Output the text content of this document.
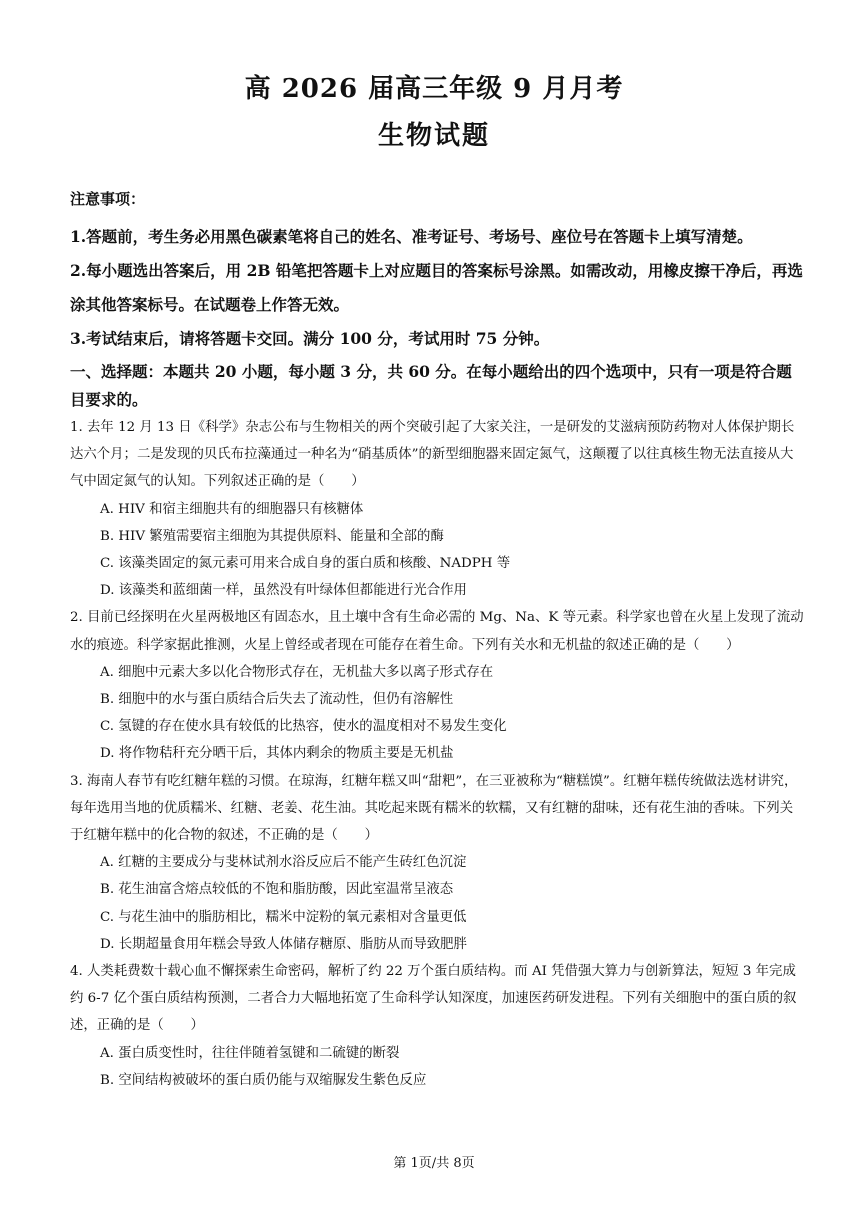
高 2026 届高三年级 9 月月考
生物试题
注意事项：

1.答题前，考生务必用黑色碳素笔将自己的姓名、准考证号、考场号、座位号在答题卡上填写清楚。

2.每小题选出答案后，用 2B 铅笔把答题卡上对应题目的答案标号涂黑。如需改动，用橡皮擦干净后，再选涂其他答案标号。在试题卷上作答无效。

3.考试结束后，请将答题卡交回。满分 100 分，考试用时 75 分钟。

一、选择题：本题共 20 小题，每小题 3 分，共 60 分。在每小题给出的四个选项中，只有一项是符合题目要求的。

1. 去年 12 月 13 日《科学》杂志公布与生物相关的两个突破引起了大家关注，一是研发的艾滋病预防药物对人体保护期长达六个月；二是发现的贝氏布拉藻通过一种名为“硝基质体”的新型细胞器来固定氮气，这颠覆了以往真核生物无法直接从大气中固定氮气的认知。下列叙述正确的是（　　）

A. HIV 和宿主细胞共有的细胞器只有核糖体

B. HIV 繁殖需要宿主细胞为其提供原料、能量和全部的酶

C. 该藻类固定的氮元素可用来合成自身的蛋白质和核酸、NADPH 等

D. 该藻类和蓝细菌一样，虽然没有叶绿体但都能进行光合作用

2. 目前已经探明在火星两极地区有固态水，且土壤中含有生命必需的 Mg、Na、K 等元素。科学家也曾在火星上发现了流动水的痕迹。科学家据此推测，火星上曾经或者现在可能存在着生命。下列有关水和无机盐的叙述正确的是（　　）

A. 细胞中元素大多以化合物形式存在，无机盐大多以离子形式存在

B. 细胞中的水与蛋白质结合后失去了流动性，但仍有溶解性

C. 氢键的存在使水具有较低的比热容，使水的温度相对不易发生变化

D. 将作物秸秆充分晒干后，其体内剩余的物质主要是无机盐

3. 海南人春节有吃红糖年糕的习惯。在琼海，红糖年糕又叫“甜粑”，在三亚被称为“糖糕馍”。红糖年糕传统做法选材讲究，每年选用当地的优质糯米、红糖、老姜、花生油。其吃起来既有糯米的软糯，又有红糖的甜味，还有花生油的香味。下列关于红糖年糕中的化合物的叙述，不正确的是（　　）

A. 红糖的主要成分与斐林试剂水浴反应后不能产生砖红色沉淀

B. 花生油富含熔点较低的不饱和脂肪酸，因此室温常呈液态

C. 与花生油中的脂肪相比，糯米中淀粉的氧元素相对含量更低

D. 长期超量食用年糕会导致人体储存糖原、脂肪从而导致肥胖

4. 人类耗费数十载心血不懈探索生命密码，解析了约 22 万个蛋白质结构。而 AI 凭借强大算力与创新算法，短短 3 年完成约 6-7 亿个蛋白质结构预测，二者合力大幅地拓宽了生命科学认知深度，加速医药研发进程。下列有关细胞中的蛋白质的叙述，正确的是（　　）

A. 蛋白质变性时，往往伴随着氢键和二硫键的断裂

B. 空间结构被破坏的蛋白质仍能与双缩脲发生紫色反应

第 1页/共 8页
